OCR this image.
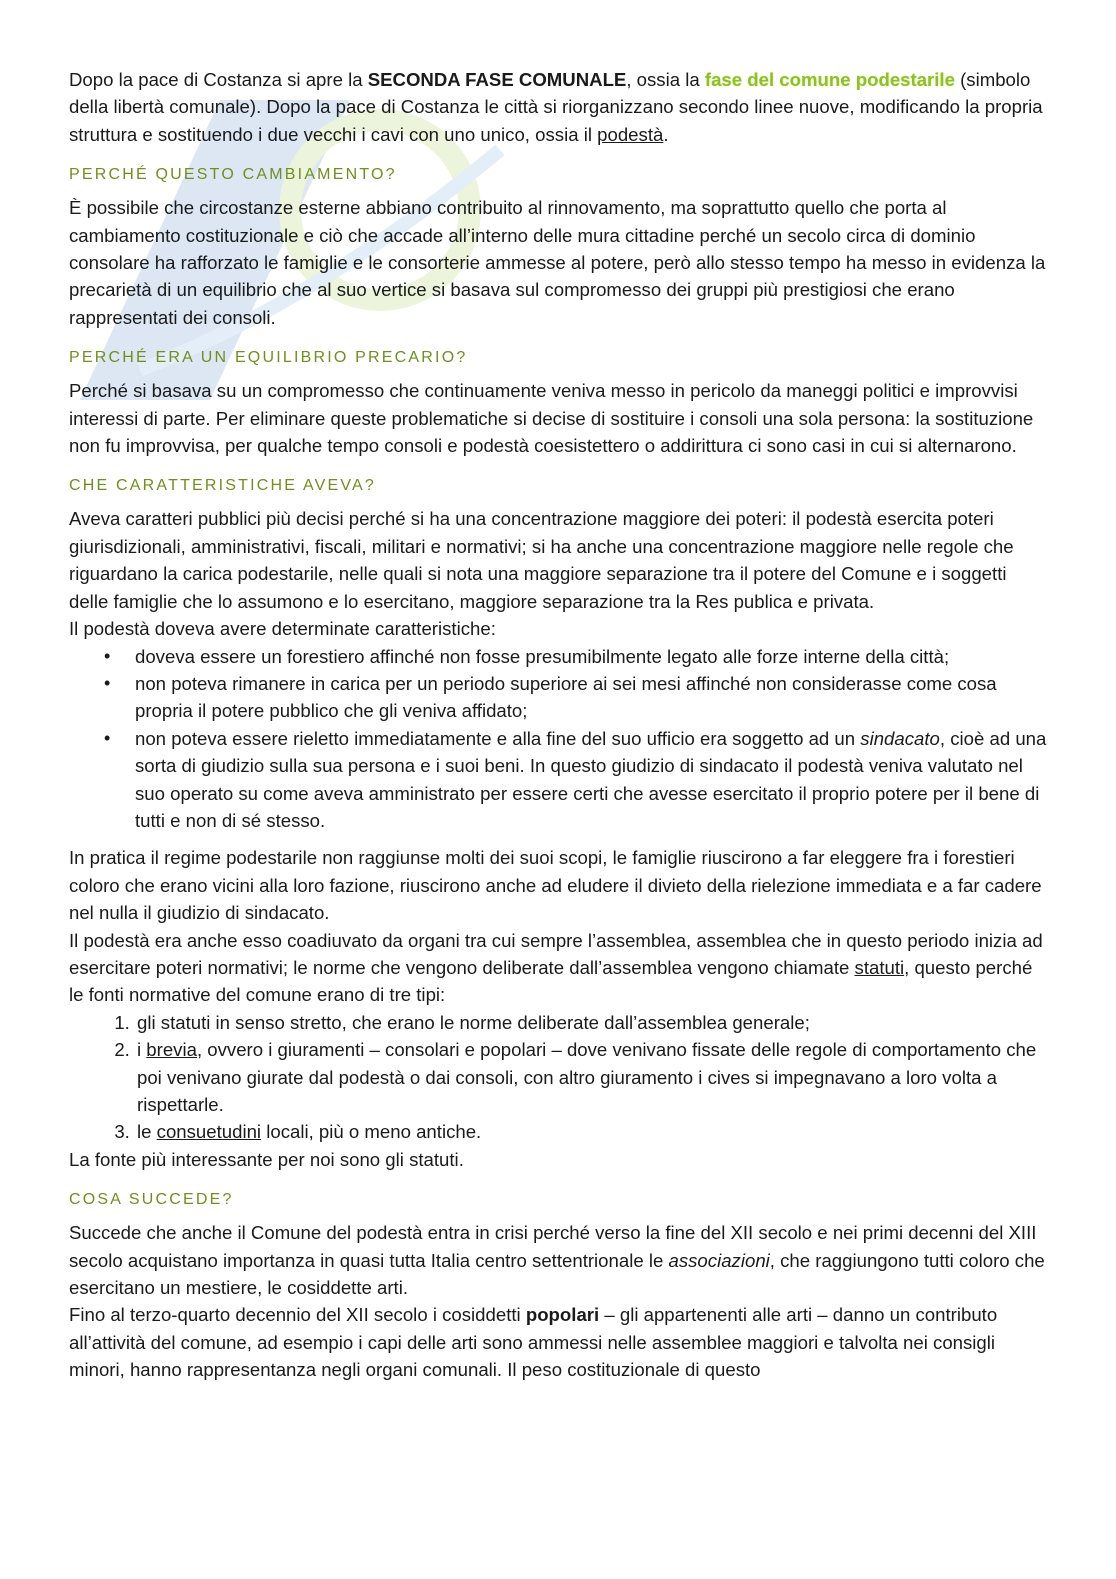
Dopo la pace di Costanza si apre la SECONDA FASE COMUNALE, ossia la fase del comune podestarile (simbolo della libertà comunale). Dopo la pace di Costanza le città si riorganizzano secondo linee nuove, modificando la propria struttura e sostituendo i due vecchi i cavi con uno unico, ossia il podestà.

PERCHÉ QUESTO CAMBIAMENTO?

È possibile che circostanze esterne abbiano contribuito al rinnovamento, ma soprattutto quello che porta al cambiamento costituzionale e ciò che accade all’interno delle mura cittadine perché un secolo circa di dominio consolare ha rafforzato le famiglie e le consorterie ammesse al potere, però allo stesso tempo ha messo in evidenza la precarietà di un equilibrio che al suo vertice si basava sul compromesso dei gruppi più prestigiosi che erano rappresentati dei consoli.

PERCHÉ ERA UN EQUILIBRIO PRECARIO?

Perché si basava su un compromesso che continuamente veniva messo in pericolo da maneggi politici e improvvisi interessi di parte. Per eliminare queste problematiche si decise di sostituire i consoli una sola persona: la sostituzione non fu improvvisa, per qualche tempo consoli e podestà coesistettero o addirittura ci sono casi in cui si alternarono.

CHE CARATTERISTICHE AVEVA?

Aveva caratteri pubblici più decisi perché si ha una concentrazione maggiore dei poteri: il podestà esercita poteri giurisdizionali, amministrativi, fiscali, militari e normativi; si ha anche una concentrazione maggiore nelle regole che riguardano la carica podestarile, nelle quali si nota una maggiore separazione tra il potere del Comune e i soggetti delle famiglie che lo assumono e lo esercitano, maggiore separazione tra la Res publica e privata.

Il podestà doveva avere determinate caratteristiche:

• doveva essere un forestiero affinché non fosse presumibilmente legato alle forze interne della città;
• non poteva rimanere in carica per un periodo superiore ai sei mesi affinché non considerasse come cosa propria il potere pubblico che gli veniva affidato;
• non poteva essere rieletto immediatamente e alla fine del suo ufficio era soggetto ad un sindacato, cioè ad una sorta di giudizio sulla sua persona e i suoi beni. In questo giudizio di sindacato il podestà veniva valutato nel suo operato su come aveva amministrato per essere certi che avesse esercitato il proprio potere per il bene di tutti e non di sé stesso.

In pratica il regime podestarile non raggiunse molti dei suoi scopi, le famiglie riuscirono a far eleggere fra i forestieri coloro che erano vicini alla loro fazione, riuscirono anche ad eludere il divieto della rielezione immediata e a far cadere nel nulla il giudizio di sindacato.

Il podestà era anche esso coadiuvato da organi tra cui sempre l’assemblea, assemblea che in questo periodo inizia ad esercitare poteri normativi; le norme che vengono deliberate dall’assemblea vengono chiamate statuti, questo perché le fonti normative del comune erano di tre tipi:

1. gli statuti in senso stretto, che erano le norme deliberate dall’assemblea generale;
2. i brevia, ovvero i giuramenti – consolari e popolari – dove venivano fissate delle regole di comportamento che poi venivano giurate dal podestà o dai consoli, con altro giuramento i cives si impegnavano a loro volta a rispettarle.
3. le consuetudini locali, più o meno antiche.

La fonte più interessante per noi sono gli statuti.

COSA SUCCEDE?

Succede che anche il Comune del podestà entra in crisi perché verso la fine del XII secolo e nei primi decenni del XIII secolo acquistano importanza in quasi tutta Italia centro settentrionale le associazioni, che raggiungono tutti coloro che esercitano un mestiere, le cosiddette arti.

Fino al terzo-quarto decennio del XII secolo i cosiddetti popolari – gli appartenenti alle arti – danno un contributo all’attività del comune, ad esempio i capi delle arti sono ammessi nelle assemblee maggiori e talvolta nei consigli minori, hanno rappresentanza negli organi comunali. Il peso costituzionale di questo
